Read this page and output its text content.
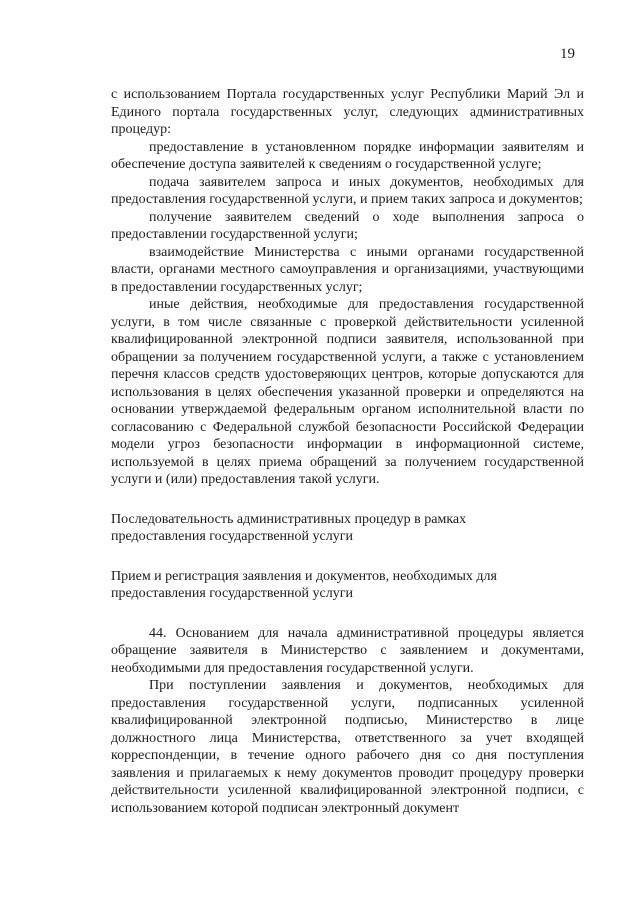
19

с использованием Портала государственных услуг Республики Марий Эл и Единого портала государственных услуг, следующих административных процедур:

предоставление в установленном порядке информации заявителям и обеспечение доступа заявителей к сведениям о государственной услуге;

подача заявителем запроса и иных документов, необходимых для предоставления государственной услуги, и прием таких запроса и документов;

получение заявителем сведений о ходе выполнения запроса о предоставлении государственной услуги;

взаимодействие Министерства с иными органами государственной власти, органами местного самоуправления и организациями, участвующими в предоставлении государственных услуг;

иные действия, необходимые для предоставления государственной услуги, в том числе связанные с проверкой действительности усиленной квалифицированной электронной подписи заявителя, использованной при обращении за получением государственной услуги, а также с установлением перечня классов средств удостоверяющих центров, которые допускаются для использования в целях обеспечения указанной проверки и определяются на основании утверждаемой федеральным органом исполнительной власти по согласованию с Федеральной службой безопасности Российской Федерации модели угроз безопасности информации в информационной системе, используемой в целях приема обращений за получением государственной услуги и (или) предоставления такой услуги.

Последовательность административных процедур в рамках
предоставления государственной услуги

Прием и регистрация заявления и документов, необходимых для
предоставления государственной услуги

44. Основанием для начала административной процедуры является обращение заявителя в Министерство с заявлением и документами, необходимыми для предоставления государственной услуги.

При поступлении заявления и документов, необходимых для предоставления государственной услуги, подписанных усиленной квалифицированной электронной подписью, Министерство в лице должностного лица Министерства, ответственного за учет входящей корреспонденции, в течение одного рабочего дня со дня поступления заявления и прилагаемых к нему документов проводит процедуру проверки действительности усиленной квалифицированной электронной подписи, с использованием которой подписан электронный документ
